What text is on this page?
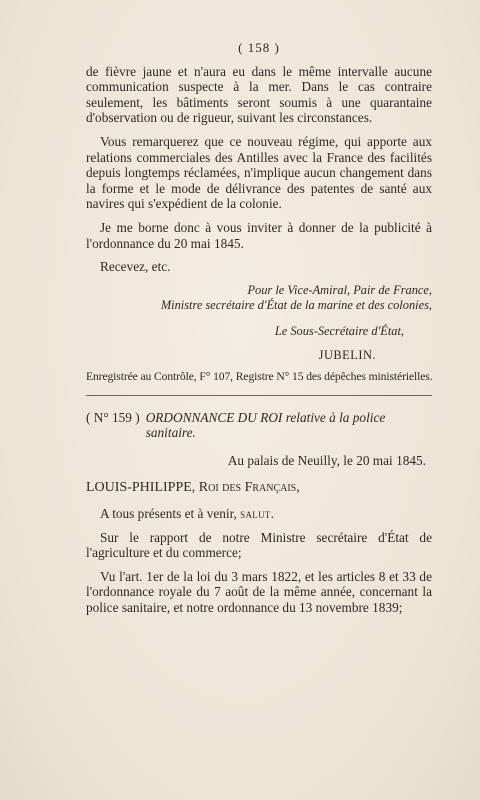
( 158 )

de fièvre jaune et n'aura eu dans le même intervalle aucune communication suspecte à la mer. Dans le cas contraire seulement, les bâtiments seront soumis à une quarantaine d'observation ou de rigueur, suivant les circonstances.

Vous remarquerez que ce nouveau régime, qui apporte aux relations commerciales des Antilles avec la France des facilités depuis longtemps réclamées, n'implique aucun changement dans la forme et le mode de délivrance des patentes de santé aux navires qui s'expédient de la colonie.

Je me borne donc à vous inviter à donner de la publicité à l'ordonnance du 20 mai 1845.

Recevez, etc.

Pour le Vice-Amiral, Pair de France,

Ministre secrétaire d'État de la marine et des colonies,

Le Sous-Secrétaire d'État,

JUBELIN.

Enregistrée au Contrôle, F° 107, Registre N° 15 des dépêches ministérielles.

( N° 159 ) ORDONNANCE DU ROI relative à la police sanitaire.

Au palais de Neuilly, le 20 mai 1845.

LOUIS-PHILIPPE, Roi des Français,

A tous présents et à venir, salut.

Sur le rapport de notre Ministre secrétaire d'État de l'agriculture et du commerce;

Vu l'art. 1er de la loi du 3 mars 1822, et les articles 8 et 33 de l'ordonnance royale du 7 août de la même année, concernant la police sanitaire, et notre ordonnance du 13 novembre 1839;
